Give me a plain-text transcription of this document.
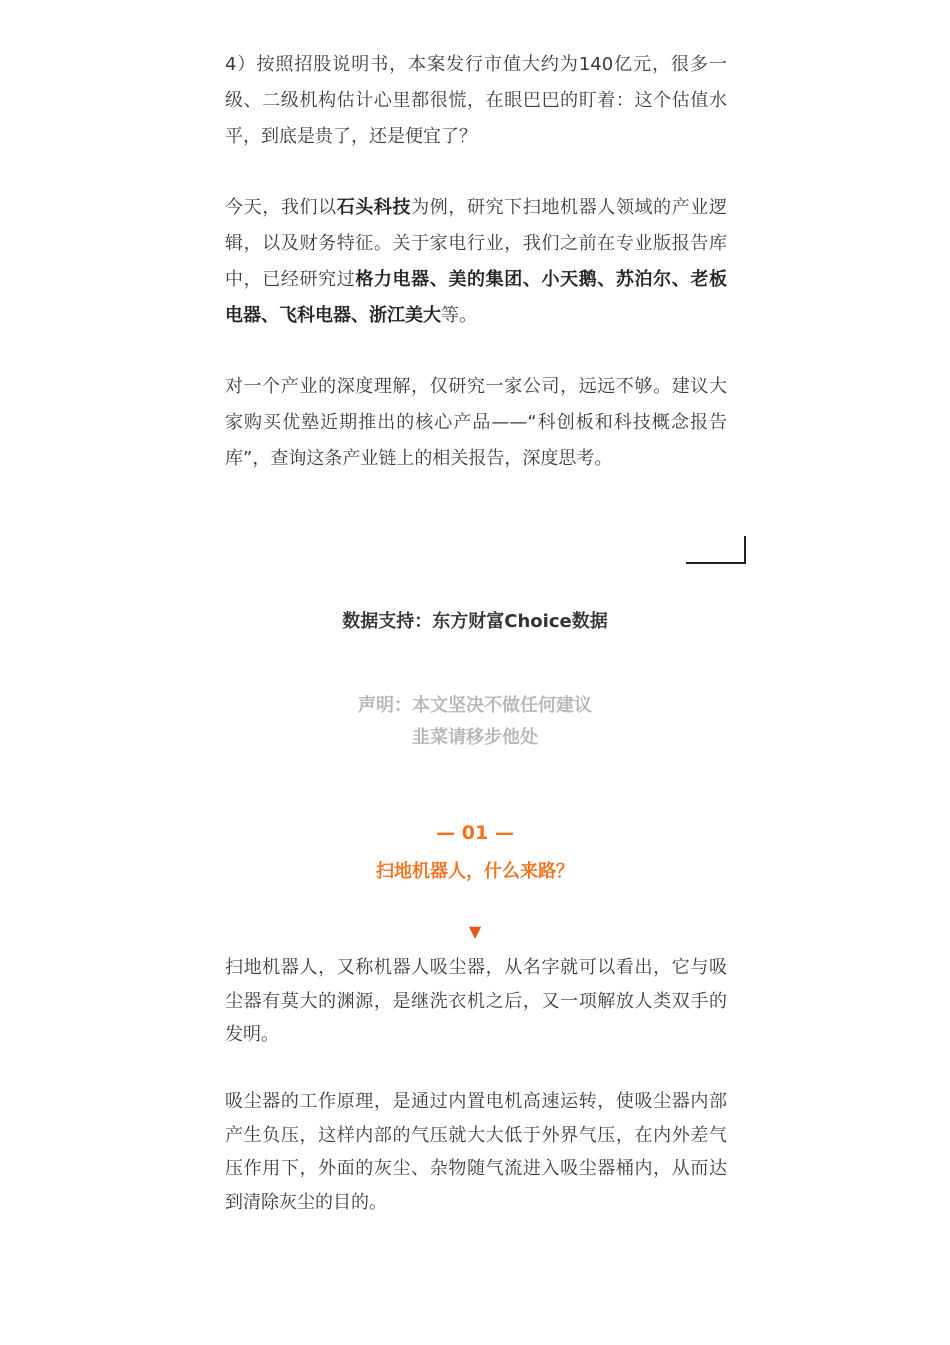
4）按照招股说明书，本案发行市值大约为140亿元，很多一级、二级机构估计心里都很慌，在眼巴巴的盯着：这个估值水平，到底是贵了，还是便宜了？

今天，我们以石头科技为例，研究下扫地机器人领域的产业逻辑，以及财务特征。关于家电行业，我们之前在专业版报告库中，已经研究过格力电器、美的集团、小天鹅、苏泊尔、老板电器、飞科电器、浙江美大等。

对一个产业的深度理解，仅研究一家公司，远远不够。建议大家购买优塾近期推出的核心产品——“科创板和科技概念报告库”，查询这条产业链上的相关报告，深度思考。

数据支持：东方财富Choice数据
声明：本文坚决不做任何建议
韭菜请移步他处
— 01 —
扫地机器人，什么来路？
▼

扫地机器人，又称机器人吸尘器，从名字就可以看出，它与吸尘器有莫大的渊源，是继洗衣机之后，又一项解放人类双手的发明。

吸尘器的工作原理，是通过内置电机高速运转，使吸尘器内部产生负压，这样内部的气压就大大低于外界气压，在内外差气压作用下，外面的灰尘、杂物随气流进入吸尘器桶内，从而达到清除灰尘的目的。
